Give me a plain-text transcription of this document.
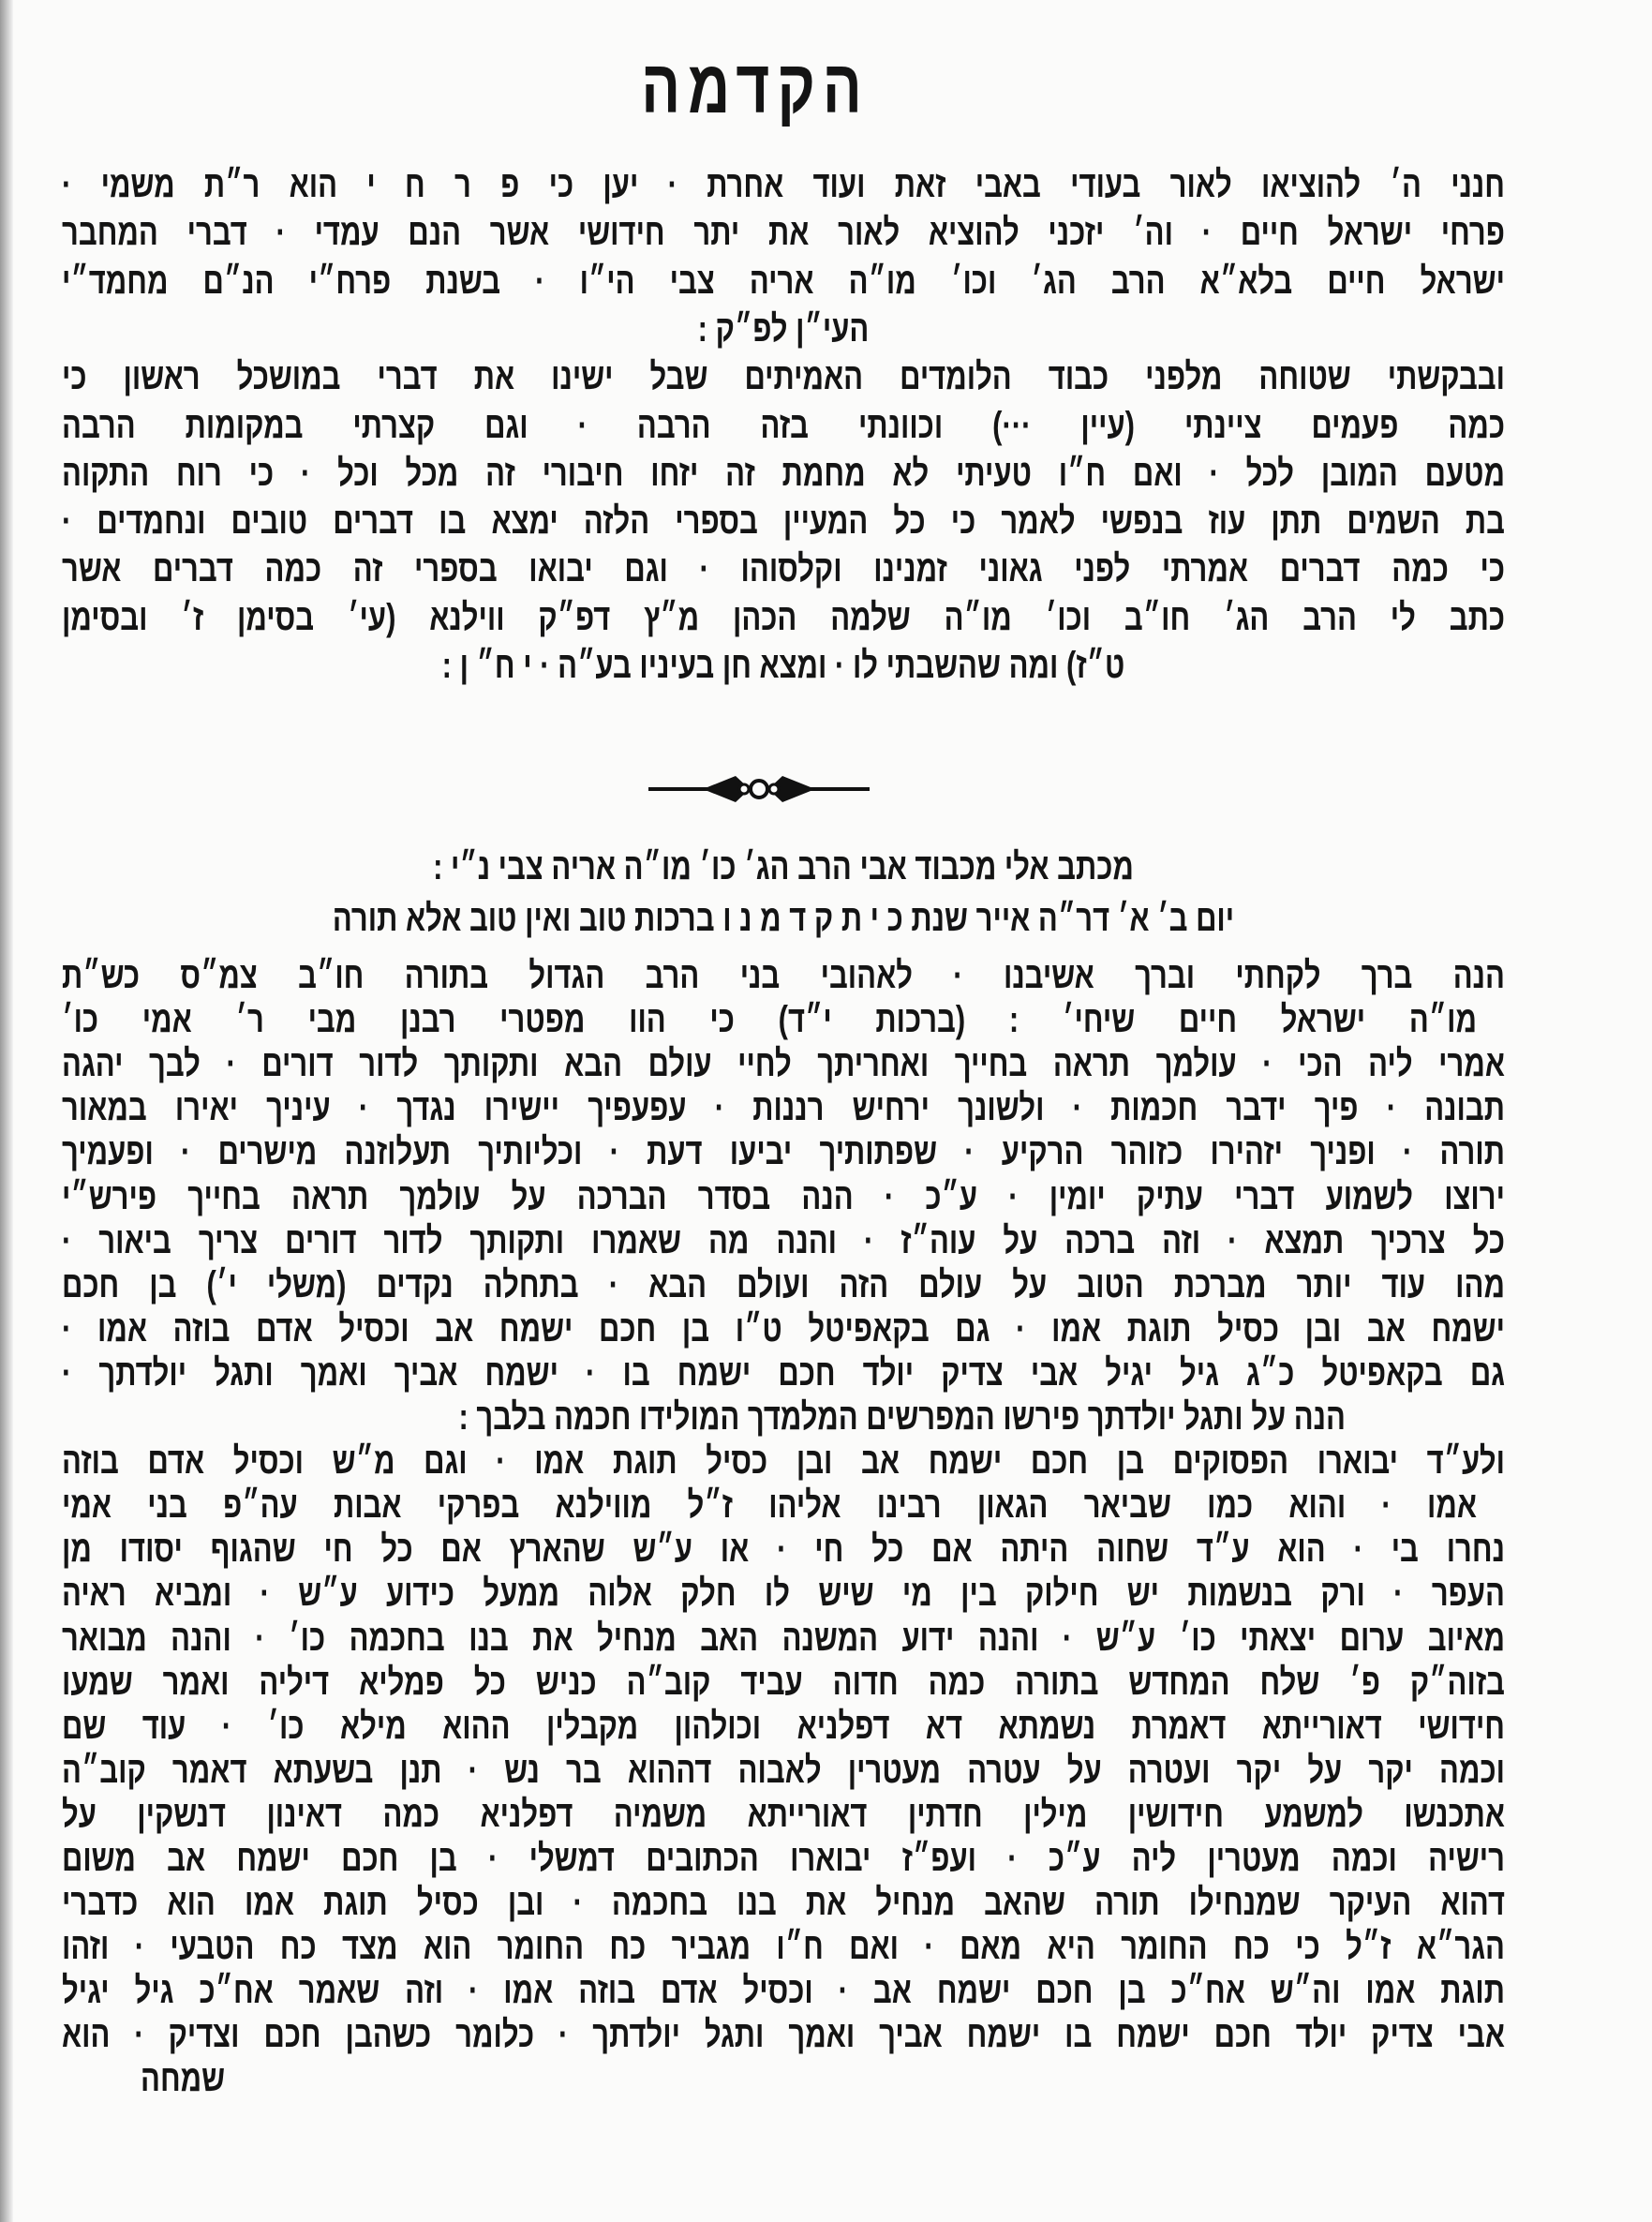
הקדמה
חנני ה׳ להוציאו לאור בעודי באבי זאת ועוד אחרת · יען כי פ ר ח י הוא ר״ת משמי ·
פרחי ישראל חיים · וה׳ יזכני להוציא לאור את יתר חידושי אשר הנם עמדי · דברי המחבר
ישראל חיים בלא״א הרב הג׳ וכו׳ מו״ה אריה צבי הי״ו · בשנת פרח״י הנ״ם מחמד״י
העי״ן לפ״ק :
ובבקשתי שטוחה מלפני כבוד הלומדים האמיתים שבל ישינו את דברי במושכל ראשון כי
כמה פעמים ציינתי (עיין ···) וכוונתי בזה הרבה · וגם קצרתי במקומות הרבה
מטעם המובן לכל · ואם ח״ו טעיתי לא מחמת זה יזחו חיבורי זה מכל וכל · כי רוח התקוה
בת השמים תתן עוז בנפשי לאמר כי כל המעיין בספרי הלזה ימצא בו דברים טובים ונחמדים ·
כי כמה דברים אמרתי לפני גאוני זמנינו וקלסוהו · וגם יבואו בספרי זה כמה דברים אשר
כתב לי הרב הג׳ חו״ב וכו׳ מו״ה שלמה הכהן מ״ץ דפ״ק ווילנא (עי׳ בסימן ז׳ ובסימן
ט״ז) ומה שהשבתי לו · ומצא חן בעיניו בע״ה · י ח״ ן :
מכתב אלי מכבוד אבי הרב הג׳ כו׳ מו״ה אריה צבי נ״י :
יום ב׳ א׳ דר״ה אייר שנת כ י ת ק ד מ נ ו ברכות טוב ואין טוב אלא תורה
הנה ברך לקחתי וברך אשיבנו · לאהובי בני הרב הגדול בתורה חו״ב צמ״ס כש״ת
מו״ה ישראל חיים שיחי׳ : (ברכות י״ד) כי הוו מפטרי רבנן מבי ר׳ אמי כו׳
אמרי ליה הכי · עולמך תראה בחייך ואחריתך לחיי עולם הבא ותקותך לדור דורים · לבך יהגה
תבונה · פיך ידבר חכמות · ולשונך ירחיש רננות · עפעפיך יישירו נגדך · עיניך יאירו במאור
תורה · ופניך יזהירו כזוהר הרקיע · שפתותיך יביעו דעת · וכליותיך תעלוזנה מישרים · ופעמיך
ירוצו לשמוע דברי עתיק יומין · ע״כ · הנה בסדר הברכה על עולמך תראה בחייך פירש״י
כל צרכיך תמצא · וזה ברכה על עוה״ז · והנה מה שאמרו ותקותך לדור דורים צריך ביאור ·
מהו עוד יותר מברכת הטוב על עולם הזה ועולם הבא · בתחלה נקדים (משלי י׳) בן חכם
ישמח אב ובן כסיל תוגת אמו · גם בקאפיטל ט״ו בן חכם ישמח אב וכסיל אדם בוזה אמו ·
גם בקאפיטל כ״ג גיל יגיל אבי צדיק יולד חכם ישמח בו · ישמח אביך ואמך ותגל יולדתך ·
הנה על ותגל יולדתך פירשו המפרשים המלמדך המולידו חכמה בלבך :
ולע״ד יבוארו הפסוקים בן חכם ישמח אב ובן כסיל תוגת אמו · וגם מ״ש וכסיל אדם בוזה
אמו · והוא כמו שביאר הגאון רבינו אליהו ז״ל מווילנא בפרקי אבות עה״פ בני אמי
נחרו בי · הוא ע״ד שחוה היתה אם כל חי · או ע״ש שהארץ אם כל חי שהגוף יסודו מן
העפר · ורק בנשמות יש חילוק בין מי שיש לו חלק אלוה ממעל כידוע ע״ש · ומביא ראיה
מאיוב ערום יצאתי כו׳ ע״ש · והנה ידוע המשנה האב מנחיל את בנו בחכמה כו׳ · והנה מבואר
בזוה״ק פ׳ שלח המחדש בתורה כמה חדוה עביד קוב״ה כניש כל פמליא דיליה ואמר שמעו
חידושי דאורייתא דאמרת נשמתא דא דפלניא וכולהון מקבלין ההוא מילא כו׳ · עוד שם
וכמה יקר על יקר ועטרה על עטרה מעטרין לאבוה דההוא בר נש · תנן בשעתא דאמר קוב״ה
אתכנשו למשמע חידושין מילין חדתין דאורייתא משמיה דפלניא כמה דאינון דנשקין על
רישיה וכמה מעטרין ליה ע״כ · ועפ״ז יבוארו הכתובים דמשלי · בן חכם ישמח אב משום
דהוא העיקר שמנחילו תורה שהאב מנחיל את בנו בחכמה · ובן כסיל תוגת אמו הוא כדברי
הגר״א ז״ל כי כח החומר היא מאם · ואם ח״ו מגביר כח החומר הוא מצד כח הטבעי · וזהו
תוגת אמו וה״ש אח״כ בן חכם ישמח אב · וכסיל אדם בוזה אמו · וזה שאמר אח״כ גיל יגיל
אבי צדיק יולד חכם ישמח בו ישמח אביך ואמך ותגל יולדתך · כלומר כשהבן חכם וצדיק · הוא
שמחה
